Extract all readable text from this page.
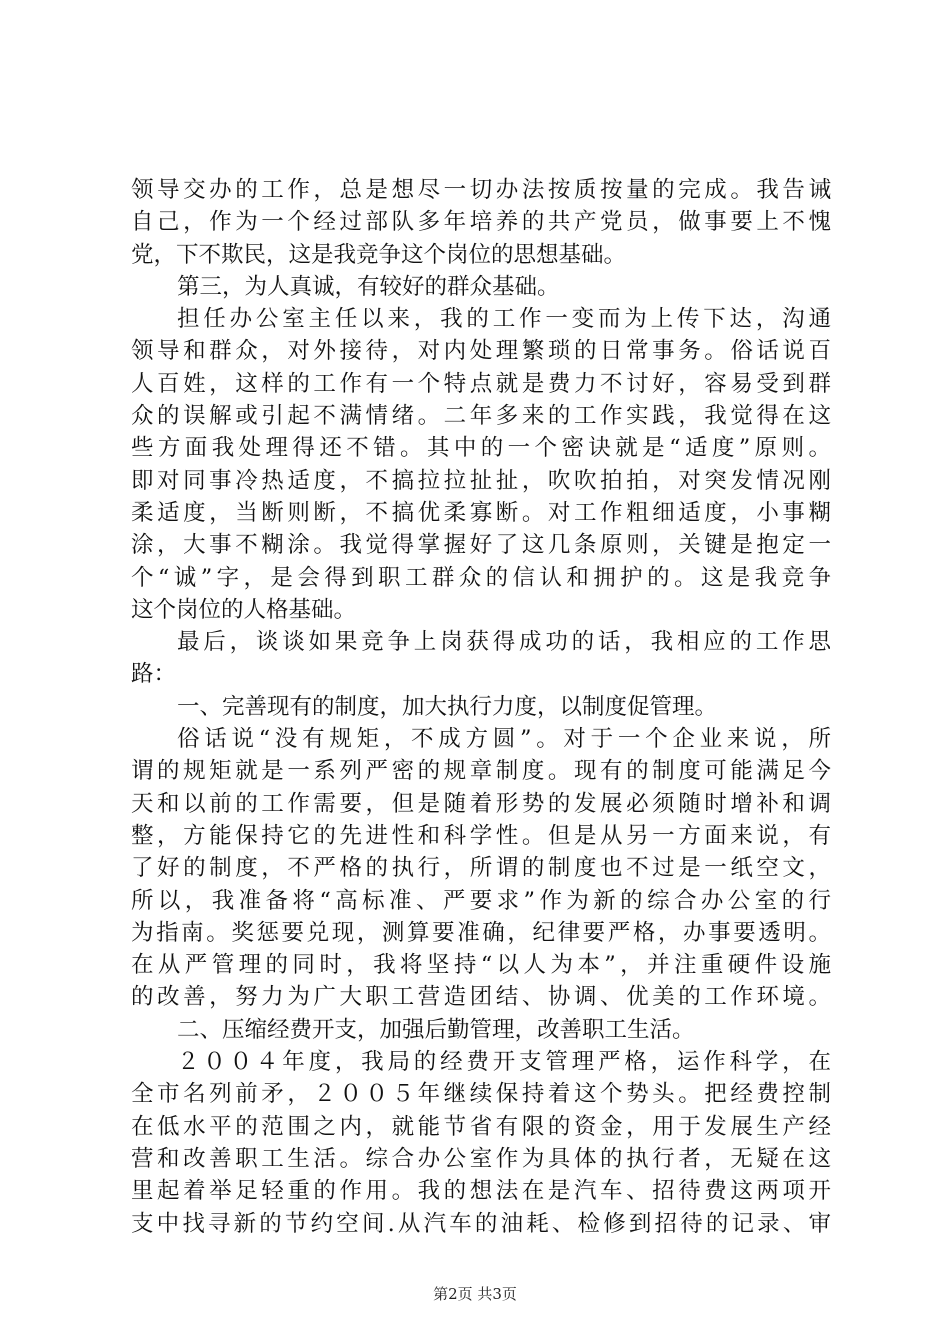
领导交办的工作，总是想尽一切办法按质按量的完成。我告诫
自己，作为一个经过部队多年培养的共产党员，做事要上不愧
党，下不欺民，这是我竞争这个岗位的思想基础。
第三，为人真诚，有较好的群众基础。
担任办公室主任以来，我的工作一变而为上传下达，沟通
领导和群众，对外接待，对内处理繁琐的日常事务。俗话说百
人百姓，这样的工作有一个特点就是费力不讨好，容易受到群
众的误解或引起不满情绪。二年多来的工作实践，我觉得在这
些方面我处理得还不错。其中的一个密诀就是“适度”原则。
即对同事冷热适度，不搞拉拉扯扯，吹吹拍拍，对突发情况刚
柔适度，当断则断，不搞优柔寡断。对工作粗细适度，小事糊
涂，大事不糊涂。我觉得掌握好了这几条原则，关键是抱定一
个“诚”字，是会得到职工群众的信认和拥护的。这是我竞争
这个岗位的人格基础。
最后，谈谈如果竞争上岗获得成功的话，我相应的工作思
路：
一、完善现有的制度，加大执行力度，以制度促管理。
俗话说“没有规矩，不成方圆”。对于一个企业来说，所
谓的规矩就是一系列严密的规章制度。现有的制度可能满足今
天和以前的工作需要，但是随着形势的发展必须随时增补和调
整，方能保持它的先进性和科学性。但是从另一方面来说，有
了好的制度，不严格的执行，所谓的制度也不过是一纸空文，
所以，我准备将“高标准、严要求”作为新的综合办公室的行
为指南。奖惩要兑现，测算要准确，纪律要严格，办事要透明。
在从严管理的同时，我将坚持“以人为本”，并注重硬件设施
的改善，努力为广大职工营造团结、协调、优美的工作环境。
二、压缩经费开支，加强后勤管理，改善职工生活。
２００４年度，我局的经费开支管理严格，运作科学，在
全市名列前矛，２００５年继续保持着这个势头。把经费控制
在低水平的范围之内，就能节省有限的资金，用于发展生产经
营和改善职工生活。综合办公室作为具体的执行者，无疑在这
里起着举足轻重的作用。我的想法在是汽车、招待费这两项开
支中找寻新的节约空间.从汽车的油耗、检修到招待的记录、审
第2页 共3页
